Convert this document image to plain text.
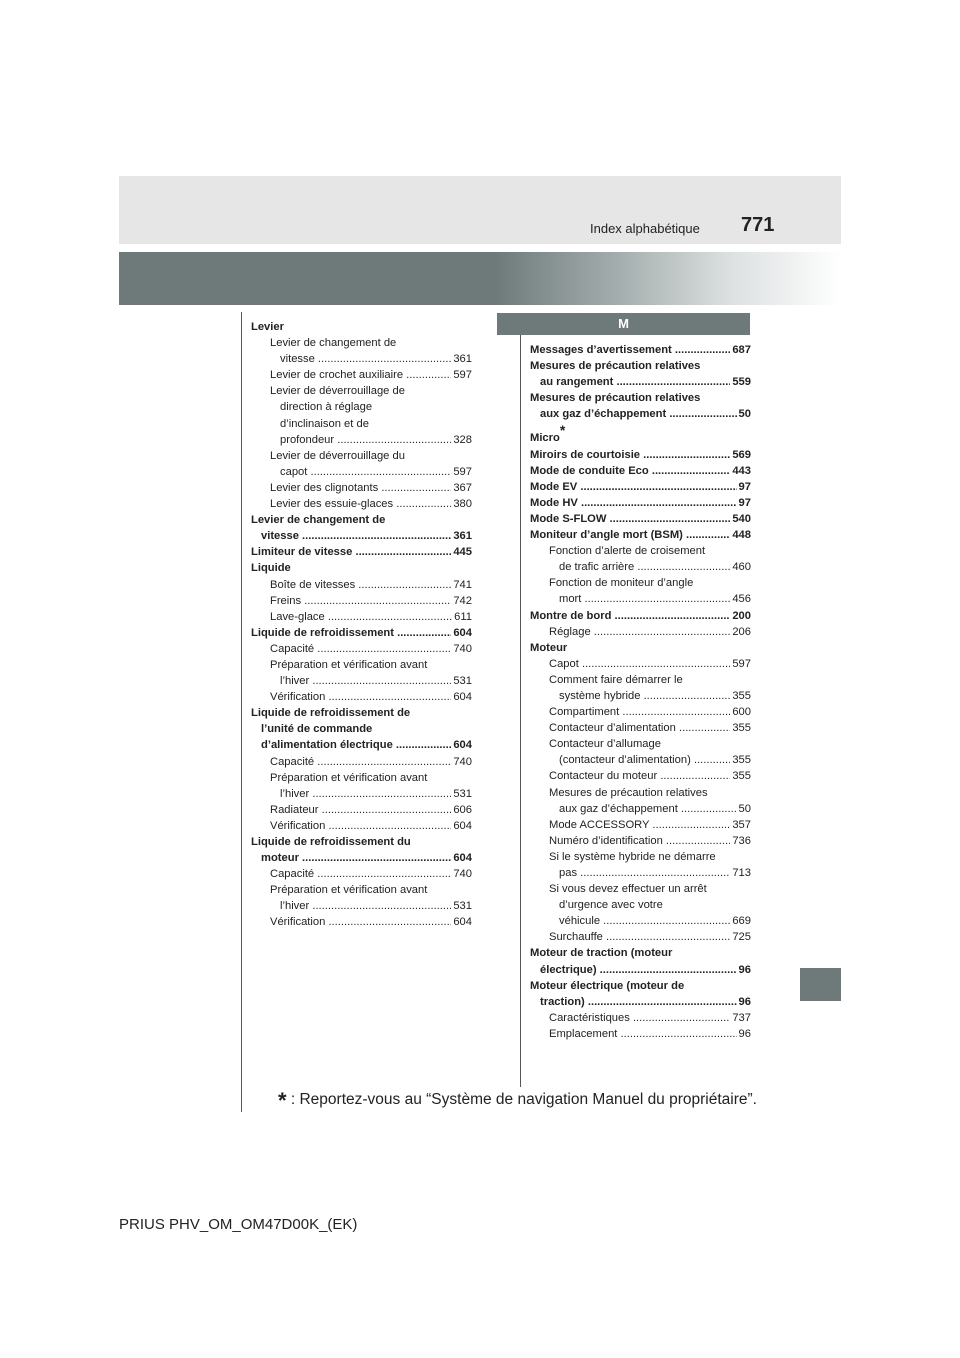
Index alphabétique 771
M
Levier
Levier de changement de
vitesse .....	361
Levier de crochet auxiliaire .....	597
Levier de déverrouillage de
direction à réglage
d’inclinaison et de
profondeur .....	328
Levier de déverrouillage du
capot .....	597
Levier des clignotants .....	367
Levier des essuie-glaces .....	380
Levier de changement de
vitesse .....	361
Limiteur de vitesse .....	445
Liquide
Boîte de vitesses .....	741
Freins .....	742
Lave-glace .....	611
Liquide de refroidissement .....	604
Capacité .....	740
Préparation et vérification avant
l’hiver .....	531
Vérification .....	604
Liquide de refroidissement de
l’unité de commande
d’alimentation électrique .....	604
Capacité .....	740
Préparation et vérification avant
l’hiver .....	531
Radiateur .....	606
Vérification .....	604
Liquide de refroidissement du
moteur .....	604
Capacité .....	740
Préparation et vérification avant
l’hiver .....	531
Vérification .....	604
Messages d’avertissement .....	687
Mesures de précaution relatives
au rangement .....	559
Mesures de précaution relatives
aux gaz d’échappement .....	50
Micro*
Miroirs de courtoisie .....	569
Mode de conduite Eco .....	443
Mode EV .....	97
Mode HV .....	97
Mode S-FLOW .....	540
Moniteur d’angle mort (BSM) .....	448
Fonction d’alerte de croisement
de trafic arrière .....	460
Fonction de moniteur d’angle
mort .....	456
Montre de bord .....	200
Réglage .....	206
Moteur
Capot .....	597
Comment faire démarrer le
système hybride .....	355
Compartiment .....	600
Contacteur d’alimentation .....	355
Contacteur d’allumage
(contacteur d’alimentation) .....	355
Contacteur du moteur .....	355
Mesures de précaution relatives
aux gaz d’échappement .....	50
Mode ACCESSORY .....	357
Numéro d’identification .....	736
Si le système hybride ne démarre
pas .....	713
Si vous devez effectuer un arrêt
d’urgence avec votre
véhicule .....	669
Surchauffe .....	725
Moteur de traction (moteur
électrique) .....	96
Moteur électrique (moteur de
traction) .....	96
Caractéristiques .....	737
Emplacement .....	96
* : Reportez-vous au “Système de navigation Manuel du propriétaire”.
PRIUS PHV_OM_OM47D00K_(EK)
